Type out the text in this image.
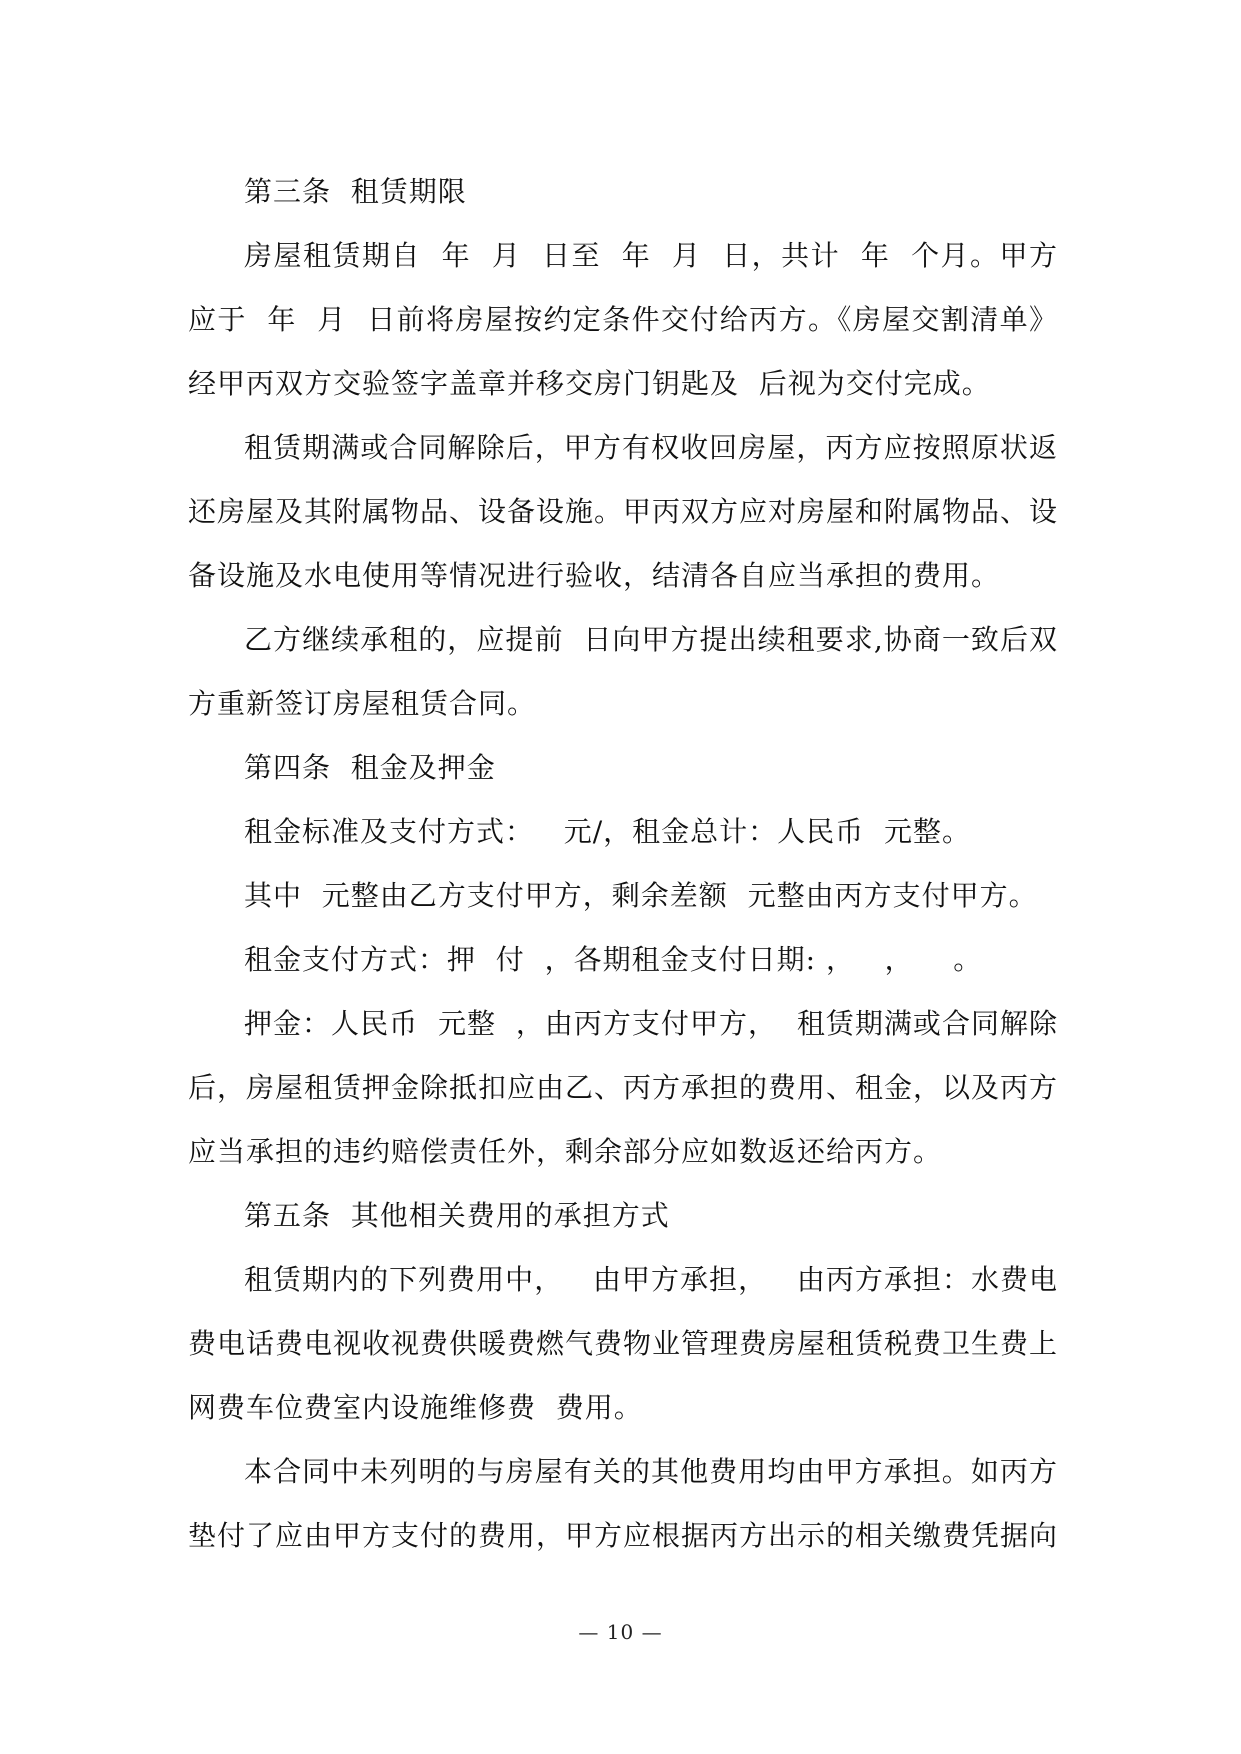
第三条  租赁期限

房屋租赁期自  年  月  日至  年  月  日，共计  年  个月。甲方应于  年  月  日前将房屋按约定条件交付给丙方。《房屋交割清单》经甲丙双方交验签字盖章并移交房门钥匙及  后视为交付完成。

租赁期满或合同解除后，甲方有权收回房屋，丙方应按照原状返还房屋及其附属物品、设备设施。甲丙双方应对房屋和附属物品、设备设施及水电使用等情况进行验收，结清各自应当承担的费用。

乙方继续承租的，应提前  日向甲方提出续租要求,协商一致后双方重新签订房屋租赁合同。

第四条  租金及押金

租金标准及支付方式：   元/，租金总计：人民币  元整。

其中  元整由乙方支付甲方，剩余差额  元整由丙方支付甲方。

租金支付方式：押  付  ，各期租金支付日期: ，   ，    。

押金：人民币  元整  ，由丙方支付甲方，  租赁期满或合同解除后，房屋租赁押金除抵扣应由乙、丙方承担的费用、租金，以及丙方应当承担的违约赔偿责任外，剩余部分应如数返还给丙方。

第五条  其他相关费用的承担方式

租赁期内的下列费用中，   由甲方承担，   由丙方承担：水费电费电话费电视收视费供暖费燃气费物业管理费房屋租赁税费卫生费上网费车位费室内设施维修费  费用。

本合同中未列明的与房屋有关的其他费用均由甲方承担。如丙方垫付了应由甲方支付的费用，甲方应根据丙方出示的相关缴费凭据向

— 10 —
